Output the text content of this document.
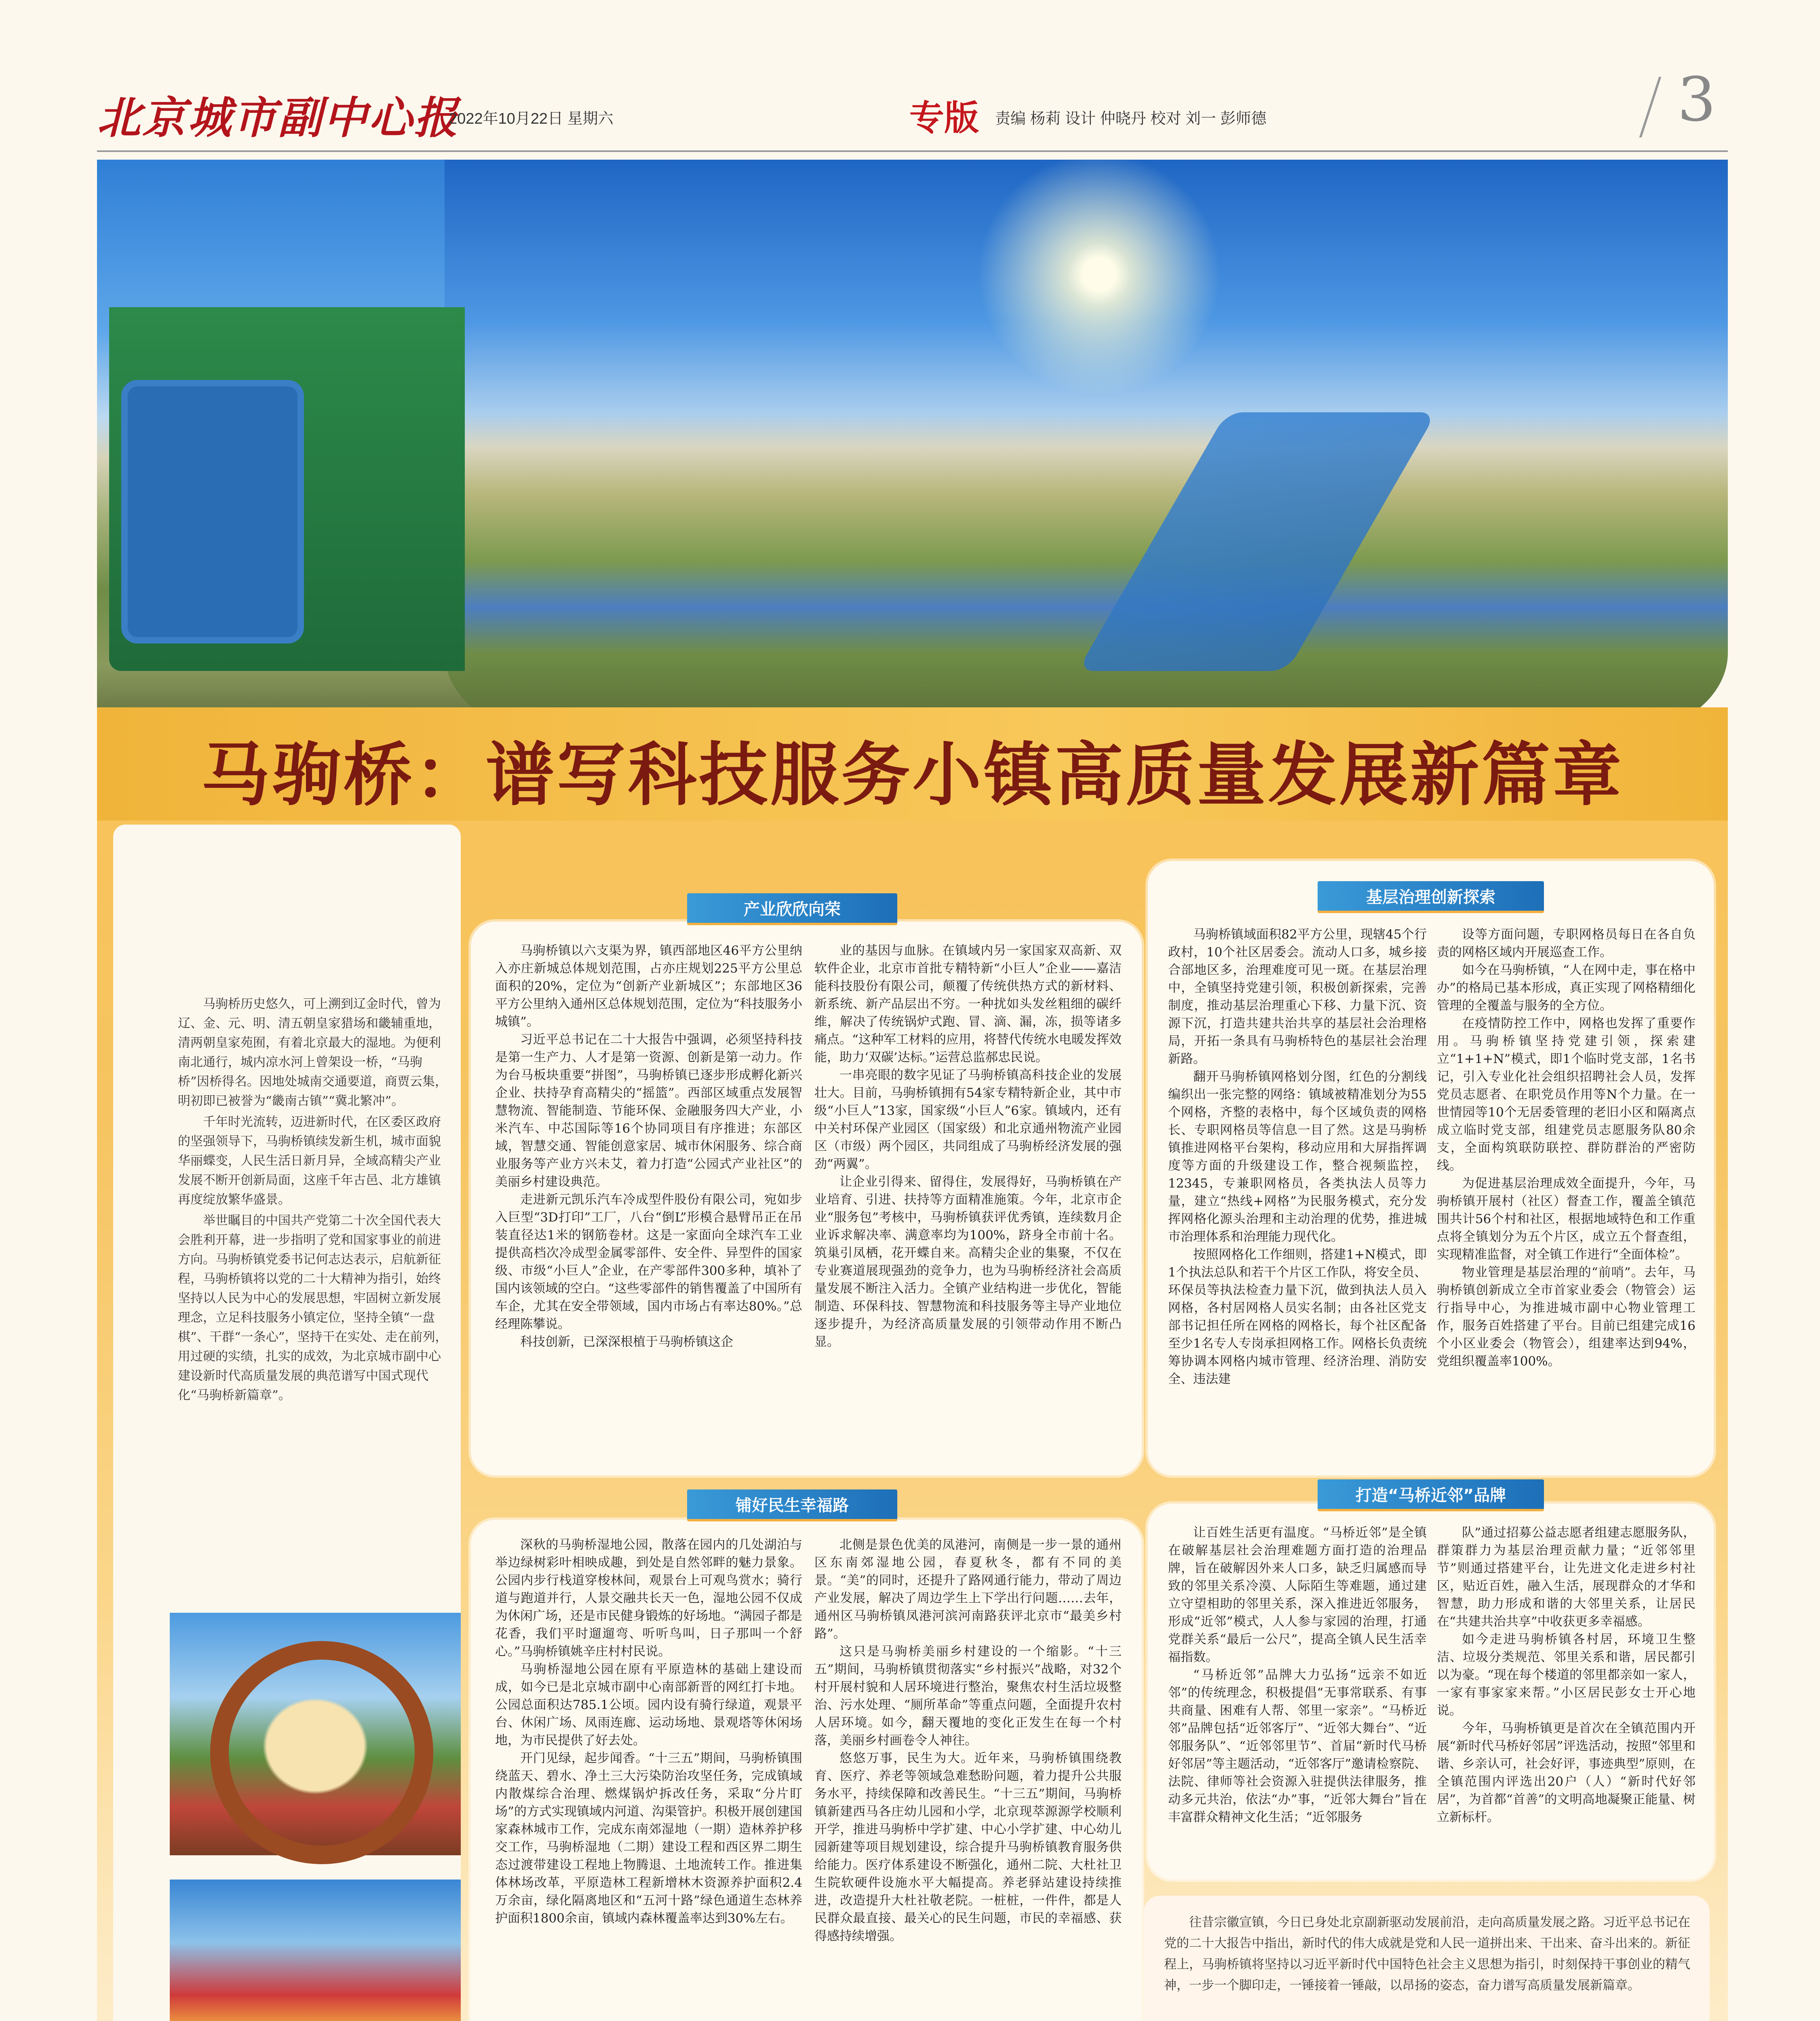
北京城市副中心报
2022年10月22日 星期六	专版 责编 杨莉 设计 仲晓丹 校对 刘一 彭师德	3
马驹桥：谱写科技服务小镇高质量发展新篇章

马驹桥历史悠久，可上溯到辽金时代，曾为辽、金、元、明、清五朝皇家猎场和畿辅重地，清两朝皇家苑囿，有着北京最大的湿地。为便利南北通行，城内凉水河上曾架设一桥，“马驹桥”因桥得名。因地处城南交通要道，商贾云集，明初即已被誉为“畿南古镇”“冀北繁冲”。

千年时光流转，迈进新时代，在区委区政府的坚强领导下，马驹桥镇续发新生机，城市面貌华丽蝶变，人民生活日新月异，全域高精尖产业发展不断开创新局面，这座千年古邑、北方雄镇再度绽放繁华盛景。

举世瞩目的中国共产党第二十次全国代表大会胜利开幕，进一步指明了党和国家事业的前进方向。马驹桥镇党委书记何志达表示，启航新征程，马驹桥镇将以党的二十大精神为指引，始终坚持以人民为中心的发展思想，牢固树立新发展理念，立足科技服务小镇定位，坚持全镇“一盘棋”、干群“一条心”，坚持干在实处、走在前列，用过硬的实绩，扎实的成效，为北京城市副中心建设新时代高质量发展的典范谱写中国式现代化“马驹桥新篇章”。

产业欣欣向荣

马驹桥镇以六支渠为界，镇西部地区46平方公里纳入亦庄新城总体规划范围，占亦庄规划225平方公里总面积的20%，定位为“创新产业新城区”；东部地区36平方公里纳入通州区总体规划范围，定位为“科技服务小城镇”。

习近平总书记在二十大报告中强调，必须坚持科技是第一生产力、人才是第一资源、创新是第一动力。作为台马板块重要“拼图”，马驹桥镇已逐步形成孵化新兴企业、扶持孕育高精尖的“摇篮”。西部区域重点发展智慧物流、智能制造、节能环保、金融服务四大产业，小米汽车、中芯国际等16个协同项目有序推进；东部区域，智慧交通、智能创意家居、城市休闲服务、综合商业服务等产业方兴未艾，着力打造“公园式产业社区”的美丽乡村建设典范。

走进新元凯乐汽车冷成型件股份有限公司，宛如步入巨型“3D打印”工厂，八台“倒L”形模合悬臂吊正在吊装直径达1米的钢筋卷材。这是一家面向全球汽车工业提供高档次冷成型金属零部件、安全件、异型件的国家级、市级“小巨人”企业，在产零部件300多种，填补了国内该领域的空白。“这些零部件的销售覆盖了中国所有车企，尤其在安全带领域，国内市场占有率达80%。”总经理陈攀说。

科技创新，已深深根植于马驹桥镇这企

业的基因与血脉。在镇域内另一家国家双高新、双软件企业，北京市首批专精特新“小巨人”企业——嘉洁能科技股份有限公司，颠覆了传统供热方式的新材料、新系统、新产品层出不穷。一种扰如头发丝粗细的碳纤维，解决了传统锅炉式跑、冒、滴、漏，冻，损等诸多痛点。“这种军工材料的应用，将替代传统水电暖发挥效能，助力‘双碳’达标。”运营总监郝忠民说。

一串亮眼的数字见证了马驹桥镇高科技企业的发展壮大。目前，马驹桥镇拥有54家专精特新企业，其中市级“小巨人”13家，国家级“小巨人”6家。镇域内，还有中关村环保产业园区（国家级）和北京通州物流产业园区（市级）两个园区，共同组成了马驹桥经济发展的强劲“两翼”。

让企业引得来、留得住，发展得好，马驹桥镇在产业培育、引进、扶持等方面精准施策。今年，北京市企业“服务包”考核中，马驹桥镇获评优秀镇，连续数月企业诉求解决率、满意率均为100%，跻身全市前十名。筑巢引凤栖，花开蝶自来。高精尖企业的集聚，不仅在专业赛道展现强劲的竞争力，也为马驹桥经济社会高质量发展不断注入活力。全镇产业结构进一步优化，智能制造、环保科技、智慧物流和科技服务等主导产业地位逐步提升，为经济高质量发展的引领带动作用不断凸显。

铺好民生幸福路

深秋的马驹桥湿地公园，散落在园内的几处湖泊与举边绿树彩叶相映成趣，到处是自然邻畔的魅力景象。公园内步行栈道穿梭林间，观景台上可观鸟赏水；骑行道与跑道并行，人景交融共长天一色，湿地公园不仅成为休闲广场，还是市民健身锻炼的好场地。“满园子都是花香，我们平时遛遛弯、听听鸟叫，日子那叫一个舒心。”马驹桥镇姚辛庄村村民说。

马驹桥湿地公园在原有平原造林的基础上建设而成，如今已是北京城市副中心南部新晋的网红打卡地。公园总面积达785.1公顷。园内设有骑行绿道，观景平台、休闲广场、凤雨连廊、运动场地、景观塔等休闲场地，为市民提供了好去处。

开门见绿，起步闻香。“十三五”期间，马驹桥镇围绕蓝天、碧水、净土三大污染防治攻坚任务，完成镇域内散煤综合治理、燃煤锅炉拆改任务，采取“分片盯场”的方式实现镇域内河道、沟渠管护。积极开展创建国家森林城市工作，完成东南郊湿地（一期）造林养护移交工作，马驹桥湿地（二期）建设工程和西区界二期生态过渡带建设工程地上物腾退、土地流转工作。推进集体林场改革，平原造林工程新增林木资源养护面积2.4万余亩，绿化隔离地区和“五河十路”绿色通道生态林养护面积1800余亩，镇域内森林覆盖率达到30%左右。

北侧是景色优美的凤港河，南侧是一步一景的通州区东南郊湿地公园，春夏秋冬，都有不同的美景。“美”的同时，还提升了路网通行能力，带动了周边产业发展，解决了周边学生上下学出行问题……去年，通州区马驹桥镇凤港河滨河南路获评北京市“最美乡村路”。

这只是马驹桥美丽乡村建设的一个缩影。“十三五”期间，马驹桥镇贯彻落实“乡村振兴”战略，对32个村开展村貌和人居环境进行整治，聚焦农村生活垃圾整治、污水处理、“厕所革命”等重点问题，全面提升农村人居环境。如今，翻天覆地的变化正发生在每一个村落，美丽乡村画卷令人神往。

悠悠万事，民生为大。近年来，马驹桥镇围绕教育、医疗、养老等领域急难愁盼问题，着力提升公共服务水平，持续保障和改善民生。“十三五”期间，马驹桥镇新建西马各庄幼儿园和小学，北京现萃源源学校顺利开学，推进马驹桥中学扩建、中心小学扩建、中心幼儿园新建等项目规划建设，综合提升马驹桥镇教育服务供给能力。医疗体系建设不断强化，通州二院、大杜社卫生院软硬件设施水平大幅提高。养老驿站建设持续推进，改造提升大杜社敬老院。一桩桩，一件件，都是人民群众最直接、最关心的民生问题，市民的幸福感、获得感持续增强。

基层治理创新探索

马驹桥镇域面积82平方公里，现辖45个行政村，10个社区居委会。流动人口多，城乡接合部地区多，治理难度可见一斑。在基层治理中，全镇坚持党建引领，积极创新探索，完善制度，推动基层治理重心下移、力量下沉、资源下沉，打造共建共治共享的基层社会治理格局，开拓一条具有马驹桥特色的基层社会治理新路。

翻开马驹桥镇网格划分图，红色的分割线编织出一张完整的网络：镇域被精准划分为55个网格，齐整的表格中，每个区域负责的网格长、专职网格员等信息一目了然。这是马驹桥镇推进网格平台架构，移动应用和大屏指挥调度等方面的升级建设工作，整合视频监控，12345，专兼职网格员，各类执法人员等力量，建立“热线+网格”为民服务模式，充分发挥网格化源头治理和主动治理的优势，推进城市治理体系和治理能力现代化。

按照网格化工作细则，搭建1+N模式，即1个执法总队和若干个片区工作队，将安全员、环保员等执法检查力量下沉，做到执法人员入网格，各村居网格人员实名制；由各社区党支部书记担任所在网格的网格长，每个社区配备至少1名专人专岗承担网格工作。网格长负责统筹协调本网格内城市管理、经济治理、消防安全、违法建

设等方面问题，专职网格员每日在各自负责的网格区域内开展巡查工作。

如今在马驹桥镇，“人在网中走，事在格中办”的格局已基本形成，真正实现了网格精细化管理的全覆盖与服务的全方位。

在疫情防控工作中，网格也发挥了重要作用。马驹桥镇坚持党建引领，探索建立“1+1+N”模式，即1个临时党支部，1名书记，引入专业化社会组织招聘社会人员，发挥党员志愿者、在职党员作用等N个力量。在一世情园等10个无居委管理的老旧小区和隔离点成立临时党支部，组建党员志愿服务队80余支，全面构筑联防联控、群防群治的严密防线。

为促进基层治理成效全面提升，今年，马驹桥镇开展村（社区）督查工作，覆盖全镇范围共计56个村和社区，根据地域特色和工作重点将全镇划分为五个片区，成立五个督查组，实现精准监督，对全镇工作进行“全面体检”。

物业管理是基层治理的“前哨”。去年，马驹桥镇创新成立全市首家业委会（物管会）运行指导中心，为推进城市副中心物业管理工作，服务百姓搭建了平台。目前已组建完成16个小区业委会（物管会），组建率达到94%，党组织覆盖率100%。

打造“马桥近邻”品牌

让百姓生活更有温度。“马桥近邻”是全镇在破解基层社会治理难题方面打造的治理品牌，旨在破解因外来人口多，缺乏归属感而导致的邻里关系冷漠、人际陌生等难题，通过建立守望相助的邻里关系，深入推进近邻服务，形成“近邻”模式，人人参与家园的治理，打通党群关系“最后一公尺”，提高全镇人民生活幸福指数。

“马桥近邻”品牌大力弘扬“远亲不如近邻”的传统理念，积极提倡“无事常联系、有事共商量、困难有人帮、邻里一家亲”。“马桥近邻”品牌包括“近邻客厅”、“近邻大舞台”、“近邻服务队”、“近邻邻里节”、首届“新时代马桥好邻居”等主题活动，“近邻客厅”邀请检察院、法院、律师等社会资源入驻提供法律服务，推动多元共治，依法“办”事，“近邻大舞台”旨在丰富群众精神文化生活；“近邻服务

队”通过招募公益志愿者组建志愿服务队，群策群力为基层治理贡献力量；“近邻邻里节”则通过搭建平台，让先进文化走进乡村社区，贴近百姓，融入生活，展现群众的才华和智慧，助力形成和谐的大邻里关系，让居民在“共建共治共享”中收获更多幸福感。

如今走进马驹桥镇各村居，环境卫生整洁、垃圾分类规范、邻里关系和谐，居民都引以为豪。“现在每个楼道的邻里都亲如一家人，一家有事家家来帮。”小区居民彭女士开心地说。

今年，马驹桥镇更是首次在全镇范围内开展“新时代马桥好邻居”评选活动，按照“邻里和谐、乡亲认可，社会好评，事迹典型”原则，在全镇范围内评选出20户（人）“新时代好邻居”，为首都“首善”的文明高地凝聚正能量、树立新标杆。

往昔宗徽宣镇，今日已身处北京副新驱动发展前沿，走向高质量发展之路。习近平总书记在党的二十大报告中指出，新时代的伟大成就是党和人民一道拼出来、干出来、奋斗出来的。新征程上，马驹桥镇将坚持以习近平新时代中国特色社会主义思想为指引，时刻保持干事创业的精气神，一步一个脚印走，一锤接着一锤敲，以昂扬的姿态，奋力谱写高质量发展新篇章。
